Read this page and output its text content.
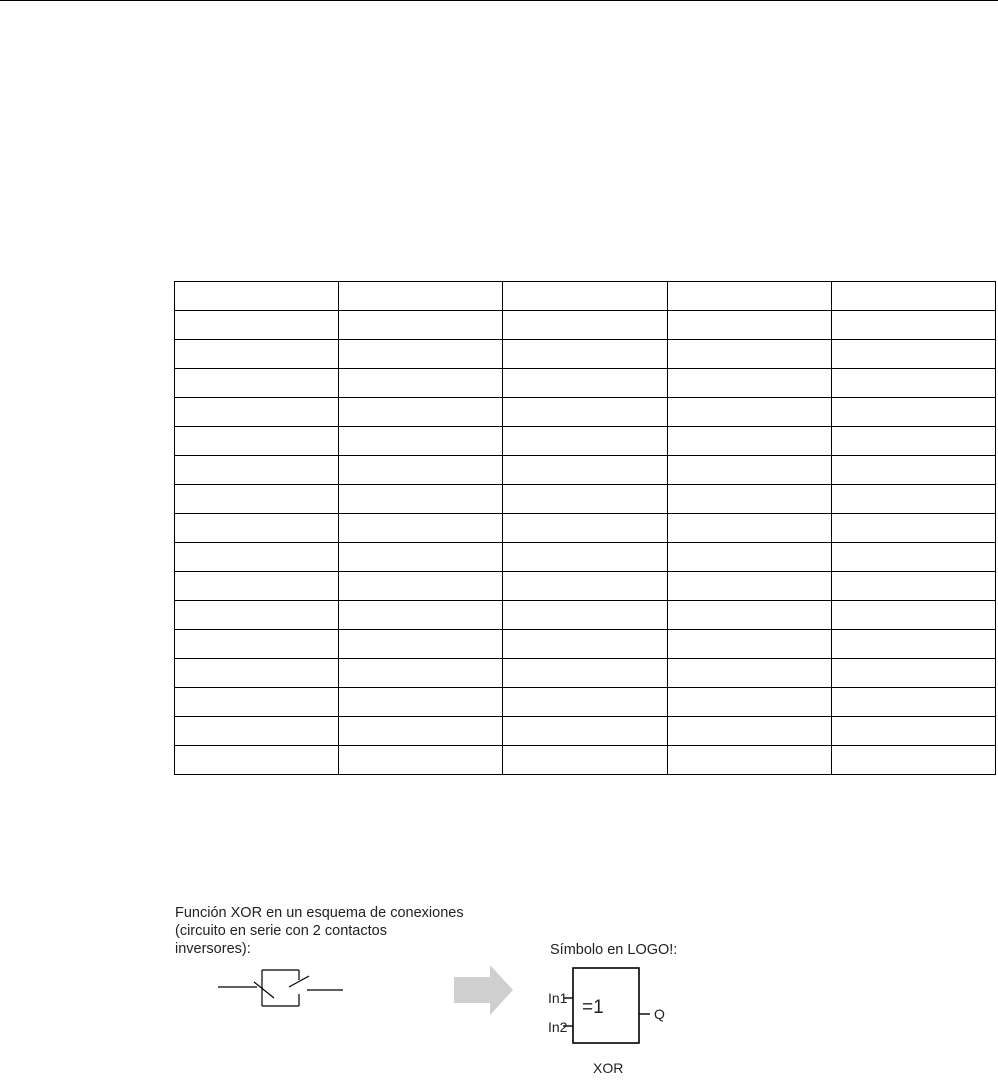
Función XOR en un esquema de conexiones (circuito en serie con 2 contactos inversores):	Símbolo en LOGO!:
In1
In2
=1	Q
XOR
